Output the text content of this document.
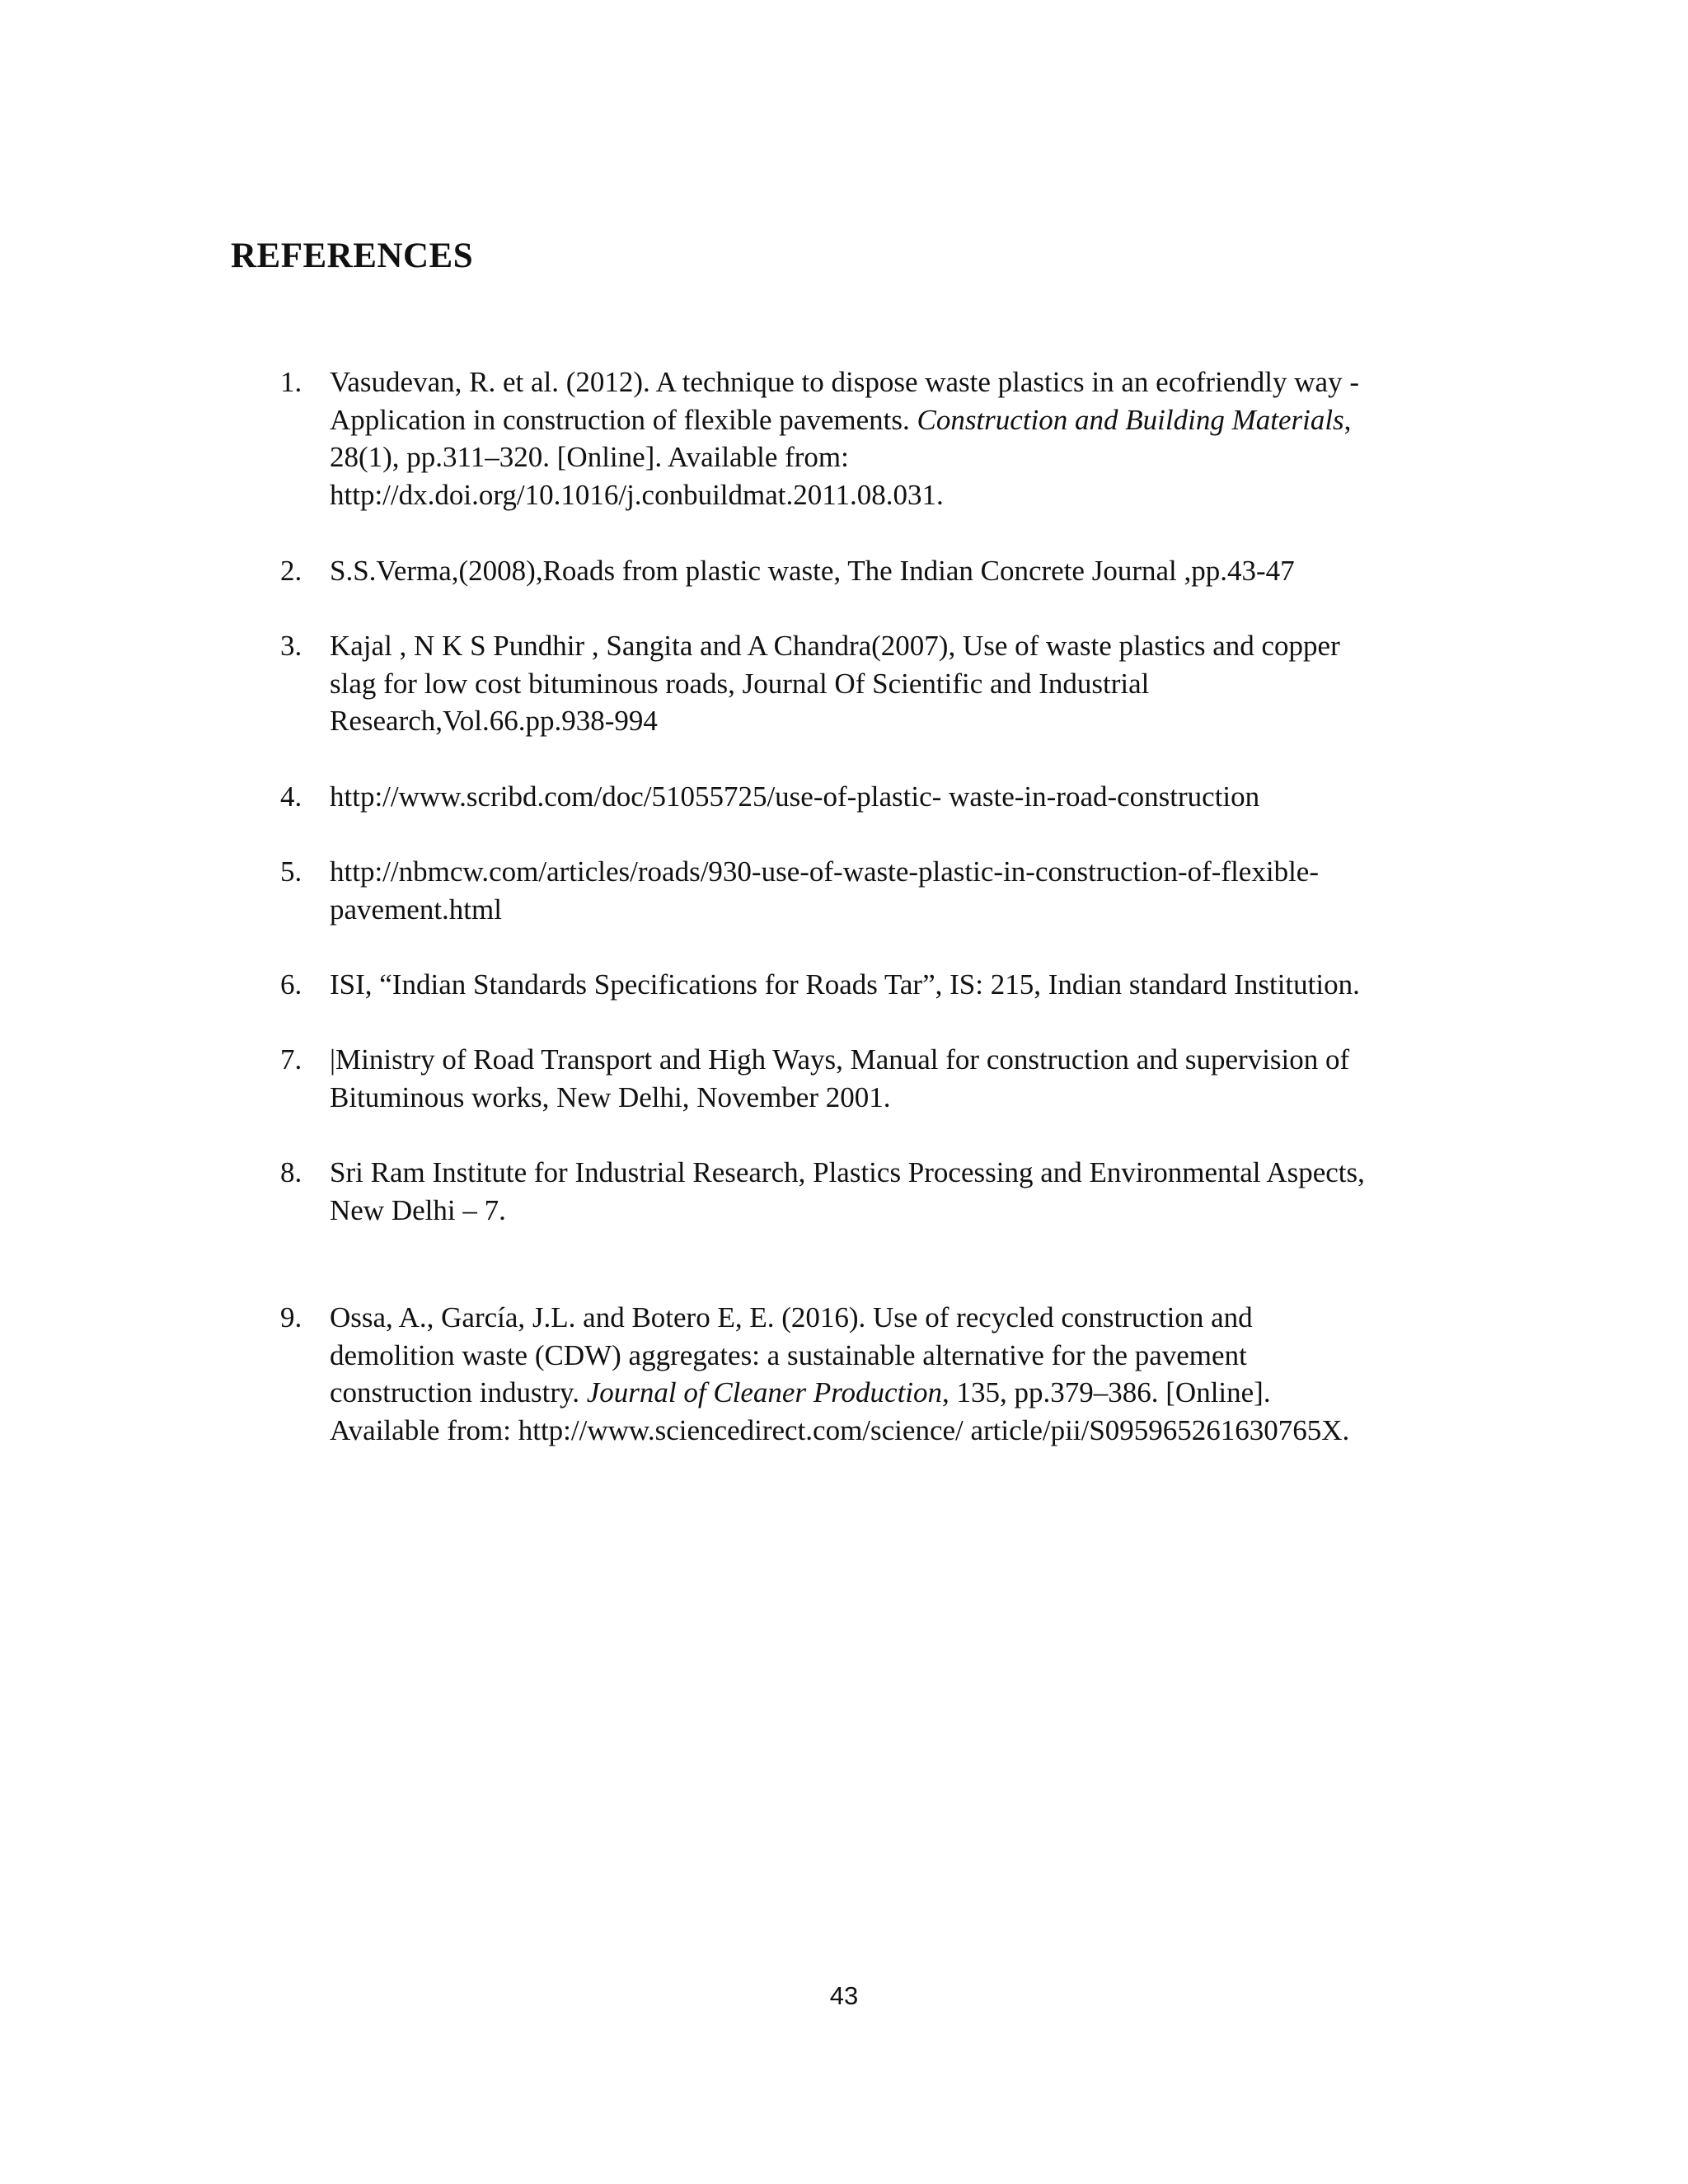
REFERENCES
1. Vasudevan, R. et al. (2012). A technique to dispose waste plastics in an ecofriendly way -
Application in construction of flexible pavements. Construction and Building Materials,
28(1), pp.311–320. [Online]. Available from:
http://dx.doi.org/10.1016/j.conbuildmat.2011.08.031.
2. S.S.Verma,(2008),Roads from plastic waste, The Indian Concrete Journal ,pp.43-47
3. Kajal , N K S Pundhir , Sangita and A Chandra(2007), Use of waste plastics and copper
slag for low cost bituminous roads, Journal Of Scientific and Industrial
Research,Vol.66.pp.938-994
4. http://www.scribd.com/doc/51055725/use-of-plastic- waste-in-road-construction
5. http://nbmcw.com/articles/roads/930-use-of-waste-plastic-in-construction-of-flexible-
pavement.html
6. ISI, “Indian Standards Specifications for Roads Tar”, IS: 215, Indian standard Institution.
7. |Ministry of Road Transport and High Ways, Manual for construction and supervision of
Bituminous works, New Delhi, November 2001.
8. Sri Ram Institute for Industrial Research, Plastics Processing and Environmental Aspects,
New Delhi – 7.
9. Ossa, A., García, J.L. and Botero E, E. (2016). Use of recycled construction and
demolition waste (CDW) aggregates: a sustainable alternative for the pavement
construction industry. Journal of Cleaner Production, 135, pp.379–386. [Online].
Available from: http://www.sciencedirect.com/science/ article/pii/S095965261630765X.
43
